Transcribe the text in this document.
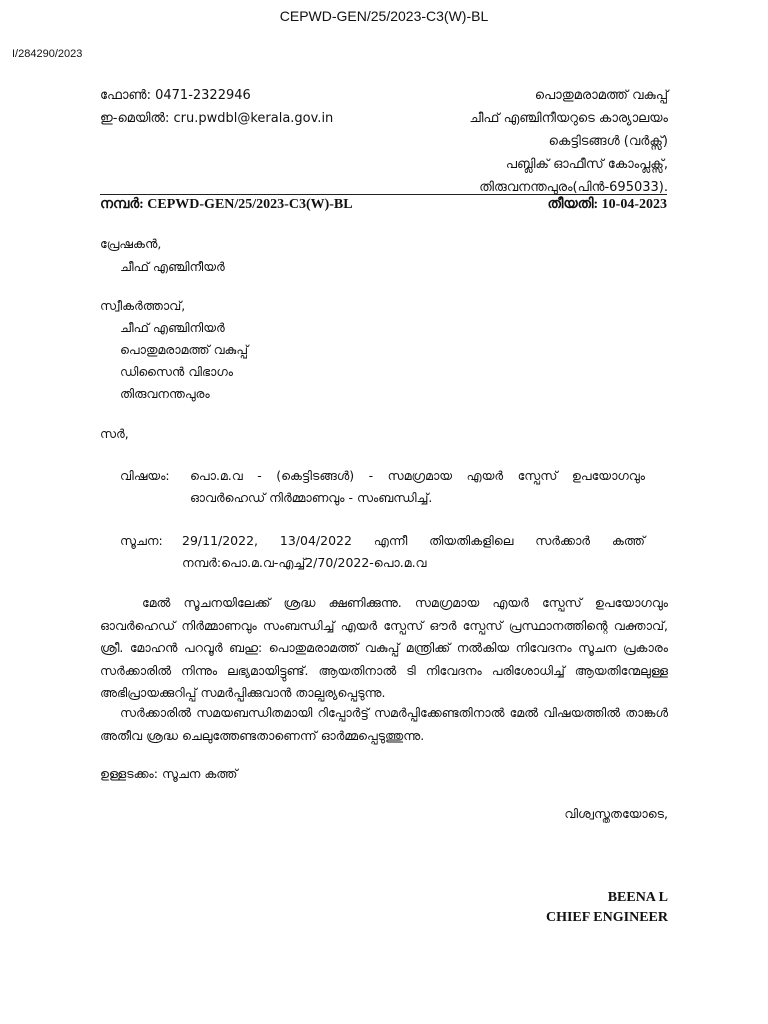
CEPWD-GEN/25/2023-C3(W)-BL
I/284290/2023
ഫോൺ: 0471-2322946
ഇ-മെയിൽ: cru.pwdbl@kerala.gov.in
പൊതുമരാമത്ത് വകുപ്പ്
ചീഫ് എഞ്ചിനീയറുടെ കാര്യാലയം
കെട്ടിടങ്ങൾ (വർക്സ്)
പബ്ലിക് ഓഫീസ് കോംപ്ലക്സ്,
തിരുവനന്തപുരം(പിൻ-695033).
നമ്പർ: CEPWD-GEN/25/2023-C3(W)-BL	തീയതി: 10-04-2023
പ്രേഷകൻ,
ചീഫ് എഞ്ചിനീയർ
സ്വീകർത്താവ്,
ചീഫ് എഞ്ചിനിയർ
പൊതുമരാമത്ത് വകുപ്പ്
ഡിസൈൻ വിഭാഗം
തിരുവനന്തപുരം
സർ,
വിഷയം: പൊ.മ.വ - (കെട്ടിടങ്ങൾ) - സമഗ്രമായ എയർ സ്പേസ് ഉപയോഗവും
ഓവർഹെഡ് നിർമ്മാണവും - സംബന്ധിച്ച്.
സൂചന: 29/11/2022, 13/04/2022 എന്നീ തിയതികളിലെ സർക്കാർ കത്ത്
നമ്പർ:പൊ.മ.വ-എച്ച്2/70/2022-പൊ.മ.വ
മേൽ സൂചനയിലേക്ക് ശ്രദ്ധ ക്ഷണിക്കുന്നു. സമഗ്രമായ എയർ സ്പേസ് ഉപയോഗവും ഓവർഹെഡ് നിർമ്മാണവും സംബന്ധിച്ച് എയർ സ്പേസ് ഔർ സ്പേസ് പ്രസ്ഥാനത്തിന്റെ വക്താവ്, ശ്രീ. മോഹൻ പറവൂർ ബഹു: പൊതുമരാമത്ത് വകുപ്പ് മന്ത്രിക്ക് നൽകിയ നിവേദനം സൂചന പ്രകാരം സർക്കാരിൽ നിന്നും ലഭ്യമായിട്ടുണ്ട്. ആയതിനാൽ ടി നിവേദനം പരിശോധിച്ച് ആയതിന്മേലുള്ള അഭിപ്രായക്കുറിപ്പ് സമർപ്പിക്കുവാൻ താല്പര്യപ്പെടുന്നു.
സർക്കാരിൽ സമയബന്ധിതമായി റിപ്പോർട്ട് സമർപ്പിക്കേണ്ടതിനാൽ മേൽ വിഷയത്തിൽ താങ്കൾ അതീവ ശ്രദ്ധ ചെലുത്തേണ്ടതാണെന്ന് ഓർമ്മപ്പെടുത്തുന്നു.
ഉള്ളടക്കം: സൂചന കത്ത്
വിശ്വസ്തതയോടെ,
BEENA L
CHIEF ENGINEER
